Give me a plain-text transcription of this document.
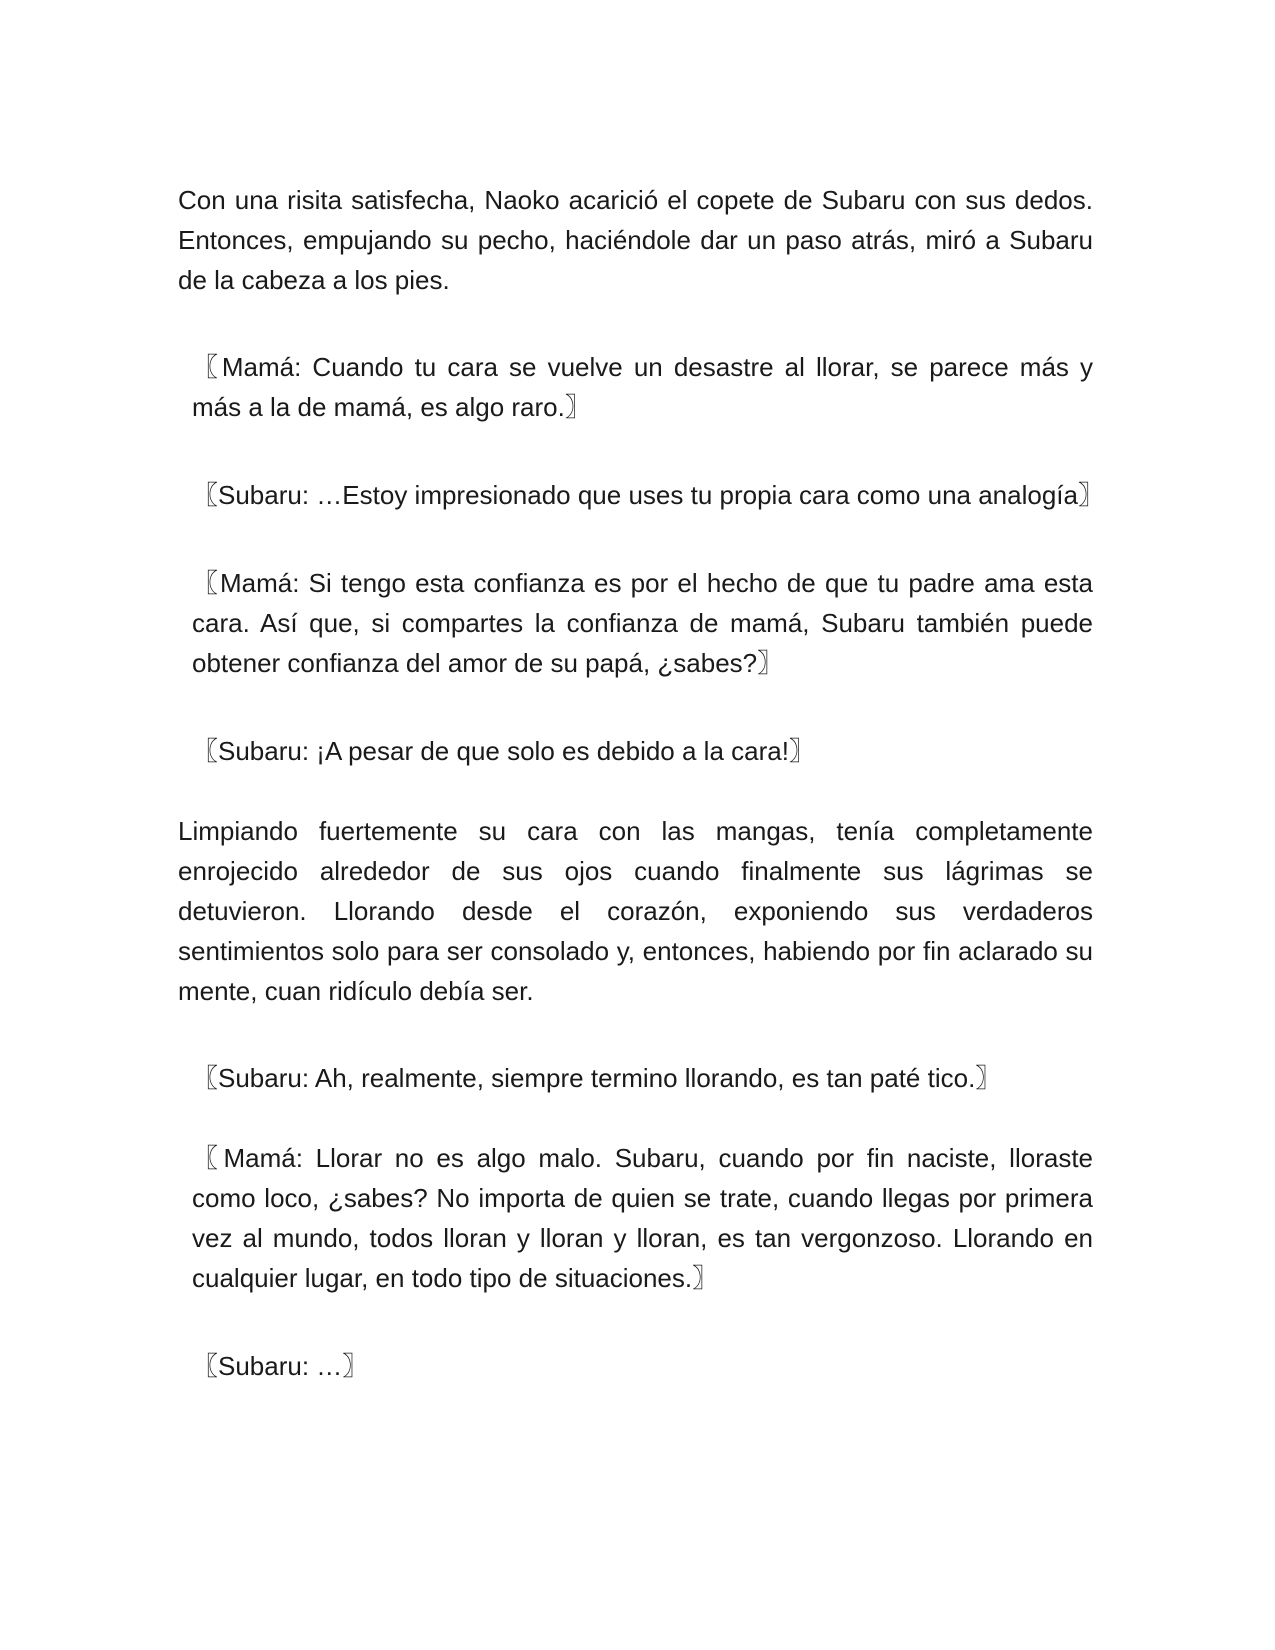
Con una risita satisfecha, Naoko acarició el copete de Subaru con sus dedos. Entonces, empujando su pecho, haciéndole dar un paso atrás, miró a Subaru de la cabeza a los pies.

〖Mamá: Cuando tu cara se vuelve un desastre al llorar, se parece más y más a la de mamá, es algo raro.〗

〖Subaru: …Estoy impresionado que uses tu propia cara como una analogía〗

〖Mamá: Si tengo esta confianza es por el hecho de que tu padre ama esta cara. Así que, si compartes la confianza de mamá, Subaru también puede obtener confianza del amor de su papá, ¿sabes?〗

〖Subaru: ¡A pesar de que solo es debido a la cara!〗

Limpiando fuertemente su cara con las mangas, tenía completamente enrojecido alrededor de sus ojos cuando finalmente sus lágrimas se detuvieron. Llorando desde el corazón, exponiendo sus verdaderos sentimientos solo para ser consolado y, entonces, habiendo por fin aclarado su mente, cuan ridículo debía ser.

〖Subaru: Ah, realmente, siempre termino llorando, es tan paté tico.〗

〖Mamá: Llorar no es algo malo. Subaru, cuando por fin naciste, lloraste como loco, ¿sabes? No importa de quien se trate, cuando llegas por primera vez al mundo, todos lloran y lloran y lloran, es tan vergonzoso. Llorando en cualquier lugar, en todo tipo de situaciones.〗

〖Subaru: …〗
